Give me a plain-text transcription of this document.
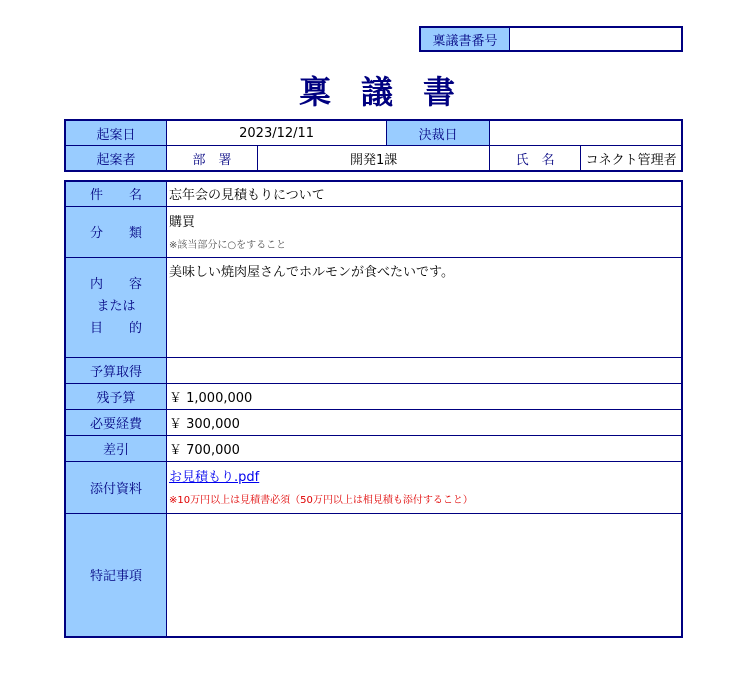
稟議書番号	
稟議書
起案日	2023/12/11		決裁日		
起案者	部　署	開発1課		氏　名	コネクト管理者
件　　名	忘年会の見積もりについて
分　　類	購買
※該当部分に○をすること

内　　容
または
目　　的	美味しい焼肉屋さんでホルモンが食べたいです。
予算取得	
残予算	￥ 1,000,000
必要経費	￥ 300,000
差引	￥ 700,000
添付資料	お見積もり.pdf
※10万円以上は見積書必須（50万円以上は相見積も添付すること）

特記事項	
